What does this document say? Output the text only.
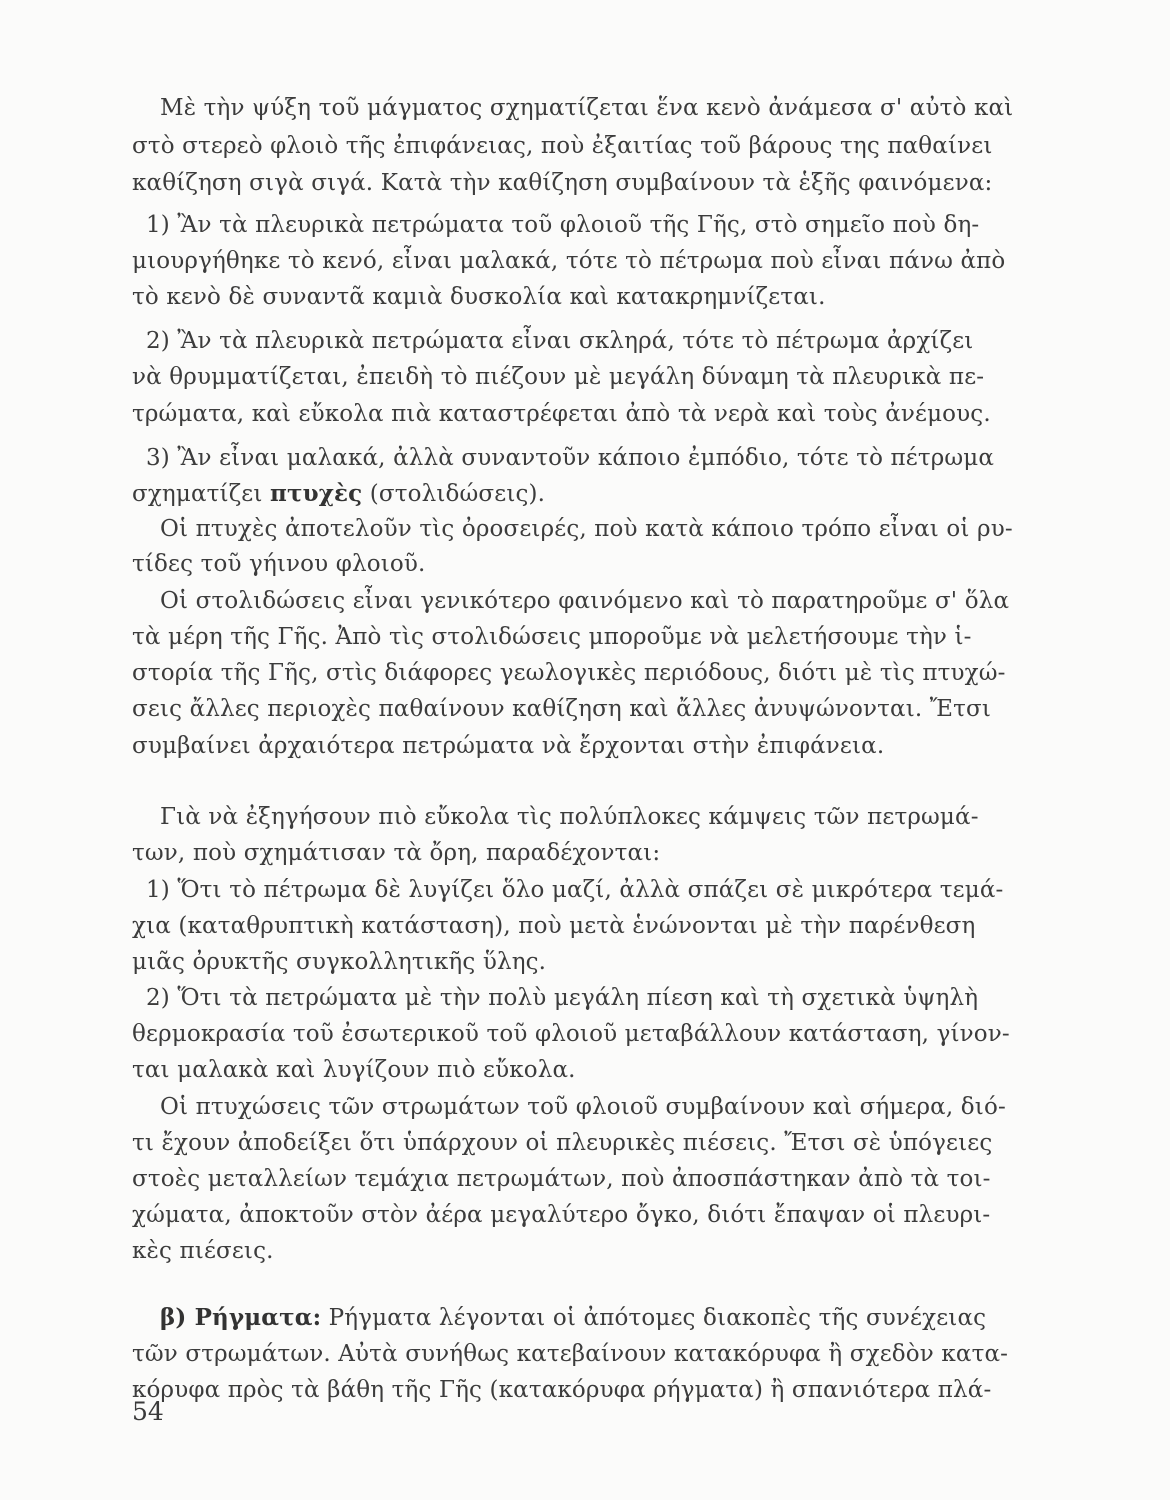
Μὲ τὴν ψύξη τοῦ μάγματος σχηματίζεται ἕνα κενὸ ἀνάμεσα σ' αὐτὸ καὶ
στὸ στερεὸ φλοιὸ τῆς ἐπιφάνειας, ποὺ ἐξαιτίας τοῦ βάρους της παθαίνει
καθίζηση σιγὰ σιγά. Κατὰ τὴν καθίζηση συμβαίνουν τὰ ἑξῆς φαινόμενα:
1) Ἂν τὰ πλευρικὰ πετρώματα τοῦ φλοιοῦ τῆς Γῆς, στὸ σημεῖο ποὺ δη-
μιουργήθηκε τὸ κενό, εἶναι μαλακά, τότε τὸ πέτρωμα ποὺ εἶναι πάνω ἀπὸ
τὸ κενὸ δὲ συναντᾶ καμιὰ δυσκολία καὶ κατακρημνίζεται.
2) Ἂν τὰ πλευρικὰ πετρώματα εἶναι σκληρά, τότε τὸ πέτρωμα ἀρχίζει
νὰ θρυμματίζεται, ἐπειδὴ τὸ πιέζουν μὲ μεγάλη δύναμη τὰ πλευρικὰ πε-
τρώματα, καὶ εὔκολα πιὰ καταστρέφεται ἀπὸ τὰ νερὰ καὶ τοὺς ἀνέμους.
3) Ἂν εἶναι μαλακά, ἀλλὰ συναντοῦν κάποιο ἐμπόδιο, τότε τὸ πέτρωμα
σχηματίζει πτυχὲς (στολιδώσεις).
Οἱ πτυχὲς ἀποτελοῦν τὶς ὀροσειρές, ποὺ κατὰ κάποιο τρόπο εἶναι οἱ ρυ-
τίδες τοῦ γήινου φλοιοῦ.
Οἱ στολιδώσεις εἶναι γενικότερο φαινόμενο καὶ τὸ παρατηροῦμε σ' ὅλα
τὰ μέρη τῆς Γῆς. Ἀπὸ τὶς στολιδώσεις μποροῦμε νὰ μελετήσουμε τὴν ἱ-
στορία τῆς Γῆς, στὶς διάφορες γεωλογικὲς περιόδους, διότι μὲ τὶς πτυχώ-
σεις ἄλλες περιοχὲς παθαίνουν καθίζηση καὶ ἄλλες ἀνυψώνονται. Ἔτσι
συμβαίνει ἀρχαιότερα πετρώματα νὰ ἔρχονται στὴν ἐπιφάνεια.
Γιὰ νὰ ἐξηγήσουν πιὸ εὔκολα τὶς πολύπλοκες κάμψεις τῶν πετρωμά-
των, ποὺ σχημάτισαν τὰ ὄρη, παραδέχονται:
1) Ὅτι τὸ πέτρωμα δὲ λυγίζει ὅλο μαζί, ἀλλὰ σπάζει σὲ μικρότερα τεμά-
χια (καταθρυπτικὴ κατάσταση), ποὺ μετὰ ἑνώνονται μὲ τὴν παρένθεση
μιᾶς ὀρυκτῆς συγκολλητικῆς ὕλης.
2) Ὅτι τὰ πετρώματα μὲ τὴν πολὺ μεγάλη πίεση καὶ τὴ σχετικὰ ὑψηλὴ
θερμοκρασία τοῦ ἐσωτερικοῦ τοῦ φλοιοῦ μεταβάλλουν κατάσταση, γίνον-
ται μαλακὰ καὶ λυγίζουν πιὸ εὔκολα.
Οἱ πτυχώσεις τῶν στρωμάτων τοῦ φλοιοῦ συμβαίνουν καὶ σήμερα, διό-
τι ἔχουν ἀποδείξει ὅτι ὑπάρχουν οἱ πλευρικὲς πιέσεις. Ἔτσι σὲ ὑπόγειες
στοὲς μεταλλείων τεμάχια πετρωμάτων, ποὺ ἀποσπάστηκαν ἀπὸ τὰ τοι-
χώματα, ἀποκτοῦν στὸν ἀέρα μεγαλύτερο ὄγκο, διότι ἔπαψαν οἱ πλευρι-
κὲς πιέσεις.
β) Ρήγματα: Ρήγματα λέγονται οἱ ἀπότομες διακοπὲς τῆς συνέχειας
τῶν στρωμάτων. Αὐτὰ συνήθως κατεβαίνουν κατακόρυφα ἢ σχεδὸν κατα-
κόρυφα πρὸς τὰ βάθη τῆς Γῆς (κατακόρυφα ρήγματα) ἢ σπανιότερα πλά-
54
